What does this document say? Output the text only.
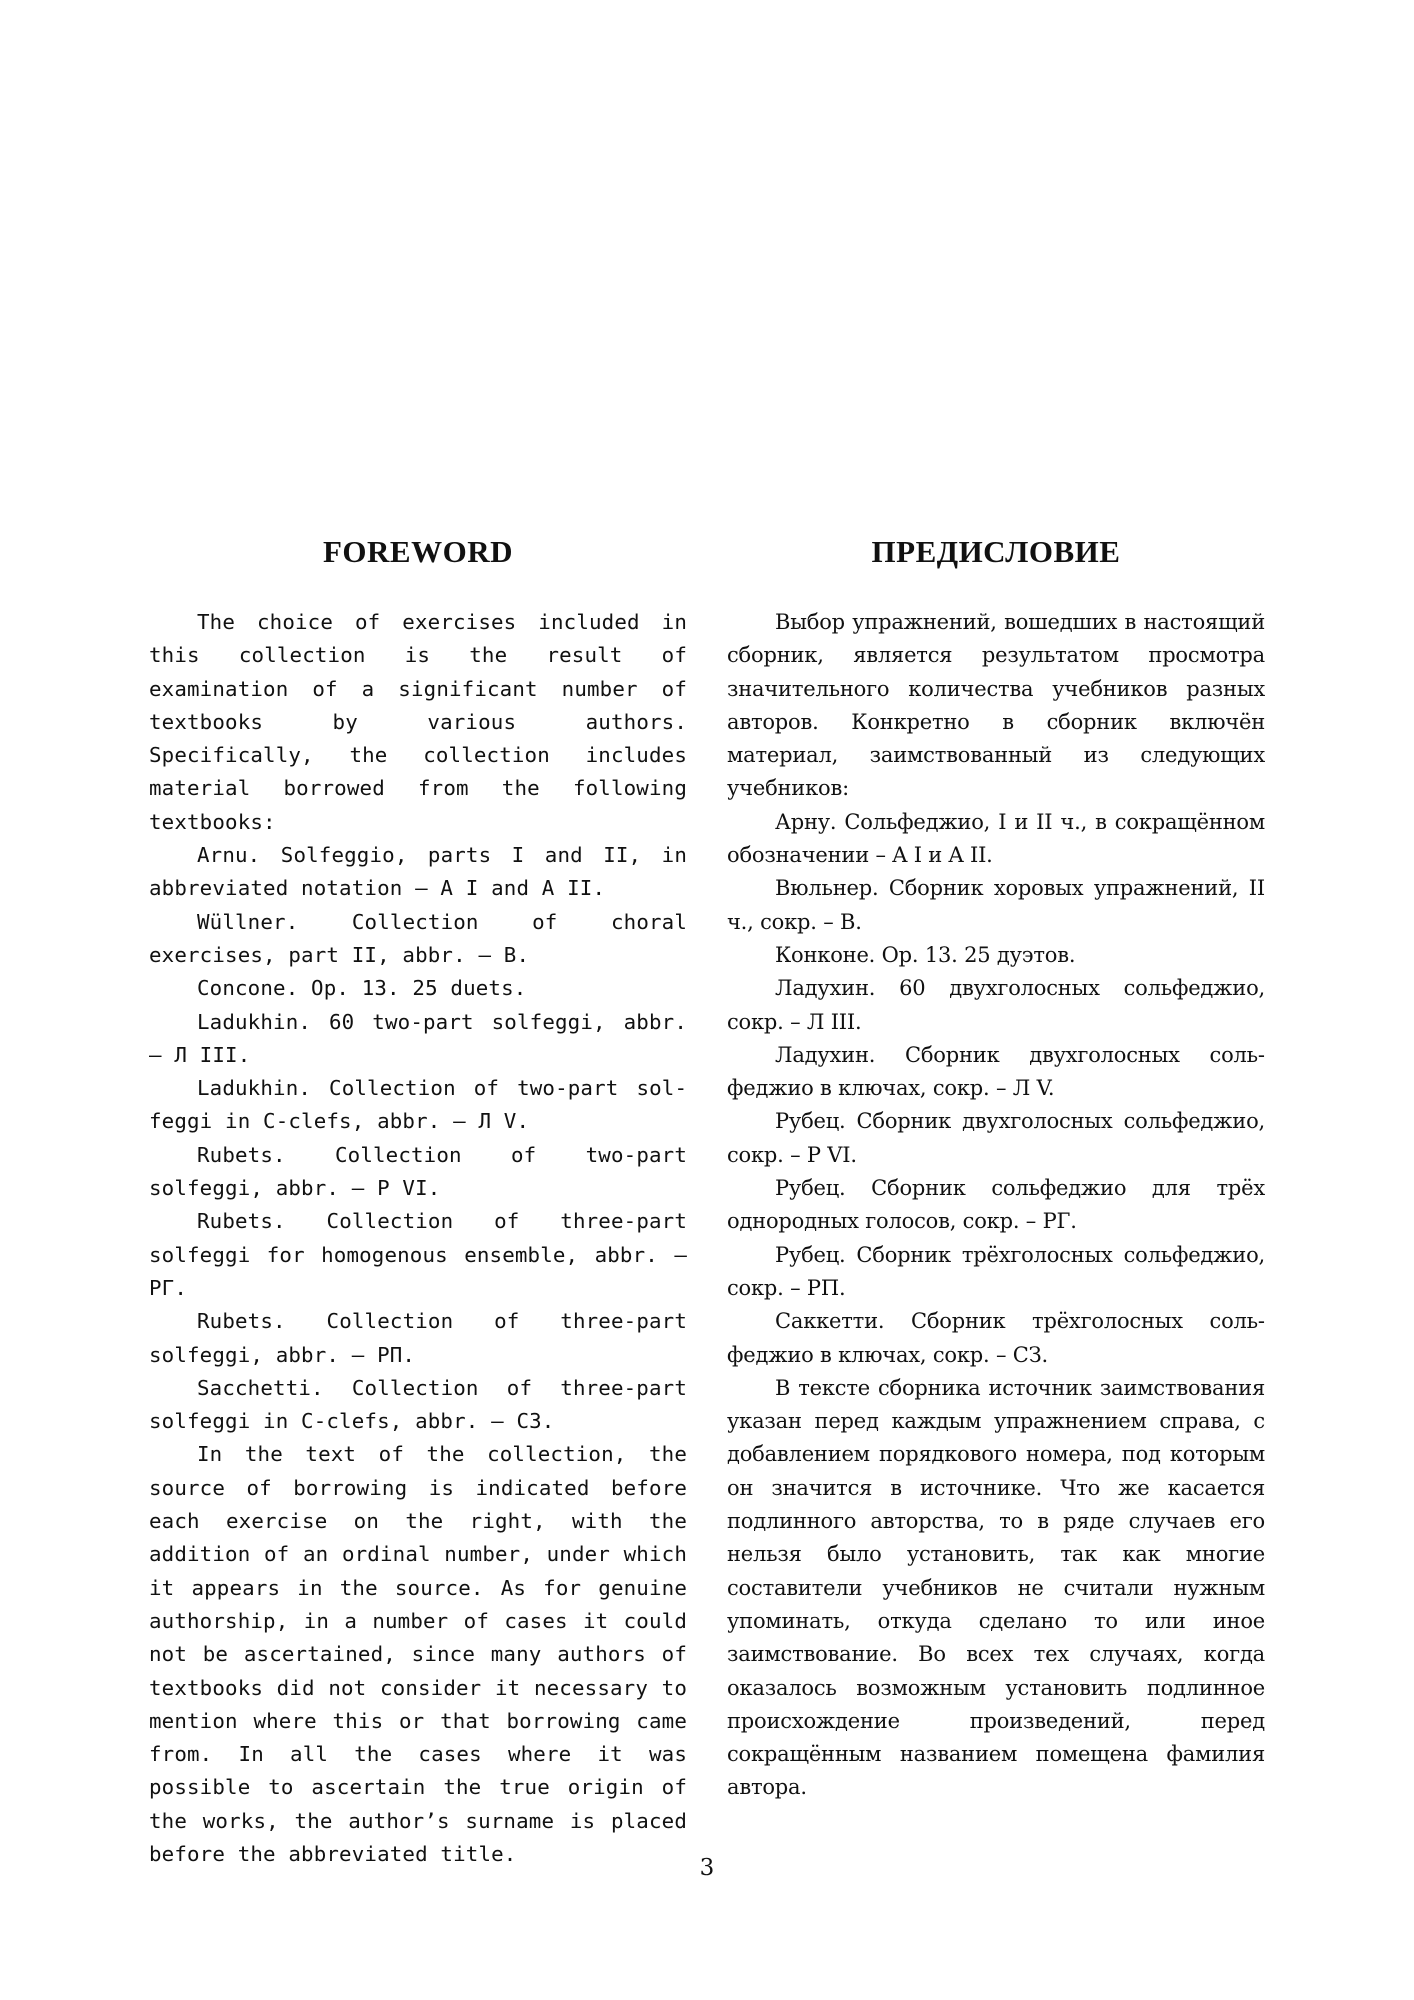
FOREWORD

The choice of exercises included in this collection is the result of examination of a significant number of textbooks by various authors. Specifically, the collection includes material borrowed from the following textbooks:

Arnu. Solfeggio, parts I and II, in abbreviated notation – A I and A II.

Wüllner. Collection of choral exercises, part II, abbr. – B.

Concone. Op. 13. 25 duets.

Ladukhin. 60 two-part solfeggi, abbr. – Л III.

Ladukhin. Collection of two-part solfeggi in C-clefs, abbr. – Л V.

Rubets. Collection of two-part solfeggi, abbr. – P VI.

Rubets. Collection of three-part solfeggi for homogenous ensemble, abbr. – РГ.

Rubets. Collection of three-part solfeggi, abbr. – РП.

Sacchetti. Collection of three-part solfeggi in C-clefs, abbr. – СЗ.

In the text of the collection, the source of borrowing is indicated before each exercise on the right, with the addition of an ordinal number, under which it appears in the source. As for genuine authorship, in a number of cases it could not be ascertained, since many authors of textbooks did not consider it necessary to mention where this or that borrowing came from. In all the cases where it was possible to ascertain the true origin of the works, the author’s surname is placed before the abbreviated title.

ПРЕДИСЛОВИЕ

Выбор упражнений, вошедших в настоящий сборник, является результатом просмотра значительного количества учебников разных авторов. Конкретно в сборник включён материал, заимствованный из следующих учебников:

Арну. Сольфеджио, I и II ч., в сокращённом обозначении – A I и A II.

Вюльнер. Сборник хоровых упражнений, II ч., сокр. – В.

Конконе. Op. 13. 25 дуэтов.

Ладухин. 60 двухголосных сольфеджио, сокр. – Л III.

Ладухин. Сборник двухголосных сольфеджио в ключах, сокр. – Л V.

Рубец. Сборник двухголосных сольфеджио, сокр. – P VI.

Рубец. Сборник сольфеджио для трёх однородных голосов, сокр. – РГ.

Рубец. Сборник трёхголосных сольфеджио, сокр. – РП.

Саккетти. Сборник трёхголосных сольфеджио в ключах, сокр. – СЗ.

В тексте сборника источник заимствования указан перед каждым упражнением справа, с добавлением порядкового номера, под которым он значится в источнике. Что же касается подлинного авторства, то в ряде случаев его нельзя было установить, так как многие составители учебников не считали нужным упоминать, откуда сделано то или иное заимствование. Во всех тех случаях, когда оказалось возможным установить подлинное происхождение произведений, перед сокращённым названием помещена фамилия автора.

3
